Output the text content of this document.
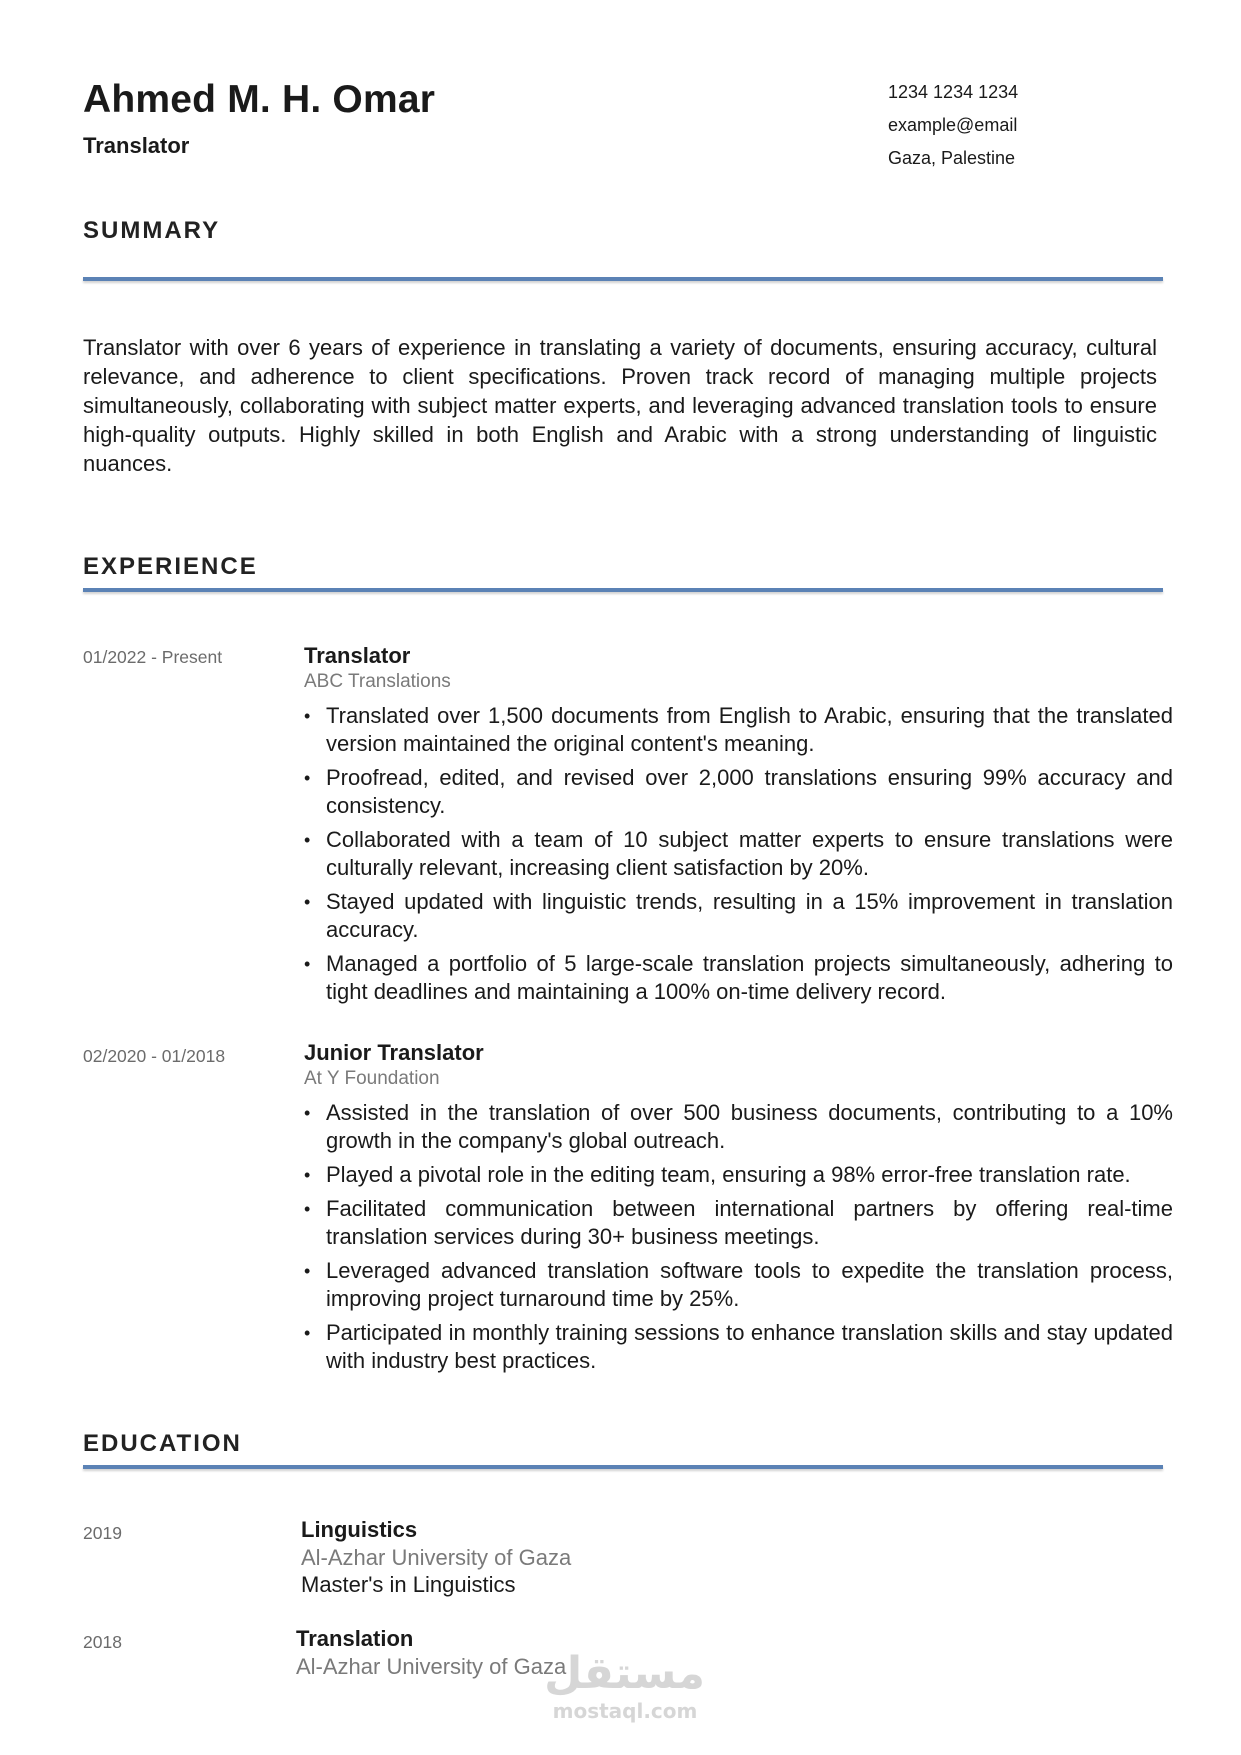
Ahmed M. H. Omar
Translator
1234 1234 1234
example@email
Gaza, Palestine
SUMMARY
Translator with over 6 years of experience in translating a variety of documents, ensuring accuracy, cultural relevance, and adherence to client specifications. Proven track record of managing multiple projects simultaneously, collaborating with subject matter experts, and leveraging advanced translation tools to ensure high-quality outputs. Highly skilled in both English and Arabic with a strong understanding of linguistic nuances.
EXPERIENCE
01/2022 - Present	Translator
ABC Translations
• Translated over 1,500 documents from English to Arabic, ensuring that the translated version maintained the original content's meaning.
• Proofread, edited, and revised over 2,000 translations ensuring 99% accuracy and consistency.
• Collaborated with a team of 10 subject matter experts to ensure translations were culturally relevant, increasing client satisfaction by 20%.
• Stayed updated with linguistic trends, resulting in a 15% improvement in translation accuracy.
• Managed a portfolio of 5 large-scale translation projects simultaneously, adhering to tight deadlines and maintaining a 100% on-time delivery record.
02/2020 - 01/2018	Junior Translator
At Y Foundation
• Assisted in the translation of over 500 business documents, contributing to a 10% growth in the company's global outreach.
• Played a pivotal role in the editing team, ensuring a 98% error-free translation rate.
• Facilitated communication between international partners by offering real-time translation services during 30+ business meetings.
• Leveraged advanced translation software tools to expedite the translation process, improving project turnaround time by 25%.
• Participated in monthly training sessions to enhance translation skills and stay updated with industry best practices.
EDUCATION
2019	Linguistics
Al-Azhar University of Gaza
Master's in Linguistics
2018	Translation
Al-Azhar University of Gaza
مستقل
mostaql.com
